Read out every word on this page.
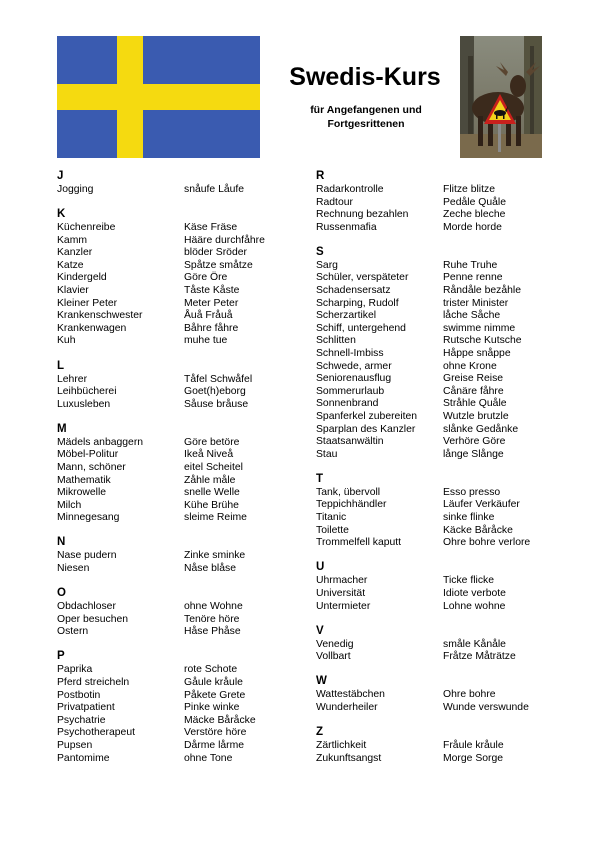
Swedis-Kurs
für Angefangenen und
Fortgesrittenen
J
Jogging	snåufe Låufe
K
Küchenreibe	Käse Fräse
Kamm	Hääre durchfåhre
Kanzler	blöder Sröder
Katze	Spåtze småtze
Kindergeld	Göre Öre
Klavier	Tåste Kåste
Kleiner Peter	Meter Peter
Krankenschwester	Åuå Fråuå
Krankenwagen	Båhre fåhre
Kuh	muhe tue
L
Lehrer	Tåfel Schwåfel
Leihbücherei	Goet(h)eborg
Luxusleben	Såuse bråuse
M
Mädels anbaggern	Göre betöre
Möbel-Politur	Ikeå Niveå
Mann, schöner	eitel Scheitel
Mathematik	Zåhle måle
Mikrowelle	snelle Welle
Milch	Kühe Brühe
Minnegesang	sleime Reime
N
Nase pudern	Zinke sminke
Niesen	Nåse blåse
O
Obdachloser	ohne Wohne
Oper besuchen	Tenöre höre
Ostern	Håse Phåse
P
Paprika	rote Schote
Pferd streicheln	Gåule kråule
Postbotin	Påkete Grete
Privatpatient	Pinke winke
Psychatrie	Mäcke Båråcke
Psychotherapeut	Verstöre höre
Pupsen	Dårme lårme
Pantomime	ohne Tone
R
Radarkontrolle	Flitze blitze
Radtour	Pedåle Quåle
Rechnung bezahlen	Zeche bleche
Russenmafia	Morde horde
S
Sarg	Ruhe Truhe
Schüler, verspäteter	Penne renne
Schadensersatz	Råndåle bezåhle
Scharping, Rudolf	trister Minister
Scherzartikel	låche Såche
Schiff, untergehend	swimme nimme
Schlitten	Rutsche Kutsche
Schnell-Imbiss	Håppe snåppe
Schwede, armer	ohne Krone
Seniorenausflug	Greise Reise
Sommerurlaub	Cånäre fåhre
Sonnenbrand	Stråhle Quåle
Spanferkel zubereiten	Wutzle brutzle
Sparplan des Kanzler	slånke Gedånke
Staatsanwältin	Verhöre Göre
Stau	långe Slånge
T
Tank, übervoll	Esso presso
Teppichhändler	Läufer Verkäufer
Titanic	sinke flinke
Toilette	Käcke Båråcke
Trommelfell kaputt	Ohre bohre verlore
U
Uhrmacher	Ticke flicke
Universität	Idiote verbote
Untermieter	Lohne wohne
V
Venedig	småle Kånåle
Vollbart	Fråtze Måträtze
W
Wattestäbchen	Ohre bohre
Wunderheiler	Wunde verswunde
Z
Zärtlichkeit	Fråule kråule
Zukunftsangst	Morge Sorge
